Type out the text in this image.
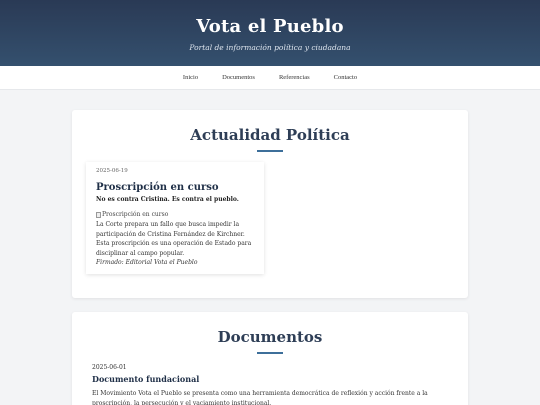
Vota el Pueblo

Portal de información política y ciudadana

Inicio	Documentos	Referencias	Contacto
Actualidad Política
2025-06-19
Proscripción en curso
No es contra Cristina. Es contra el pueblo.
Proscripción en curso

La Corte prepara un fallo que busca impedir la participación de Cristina Fernández de Kirchner. Esta proscripción es una operación de Estado para disciplinar al campo popular.

Firmado: Editorial Vota el Pueblo

Documentos
2025-06-01
Documento fundacional

El Movimiento Vota el Pueblo se presenta como una herramienta democrática de reflexión y acción frente a la proscripción, la persecución y el vaciamiento institucional.
